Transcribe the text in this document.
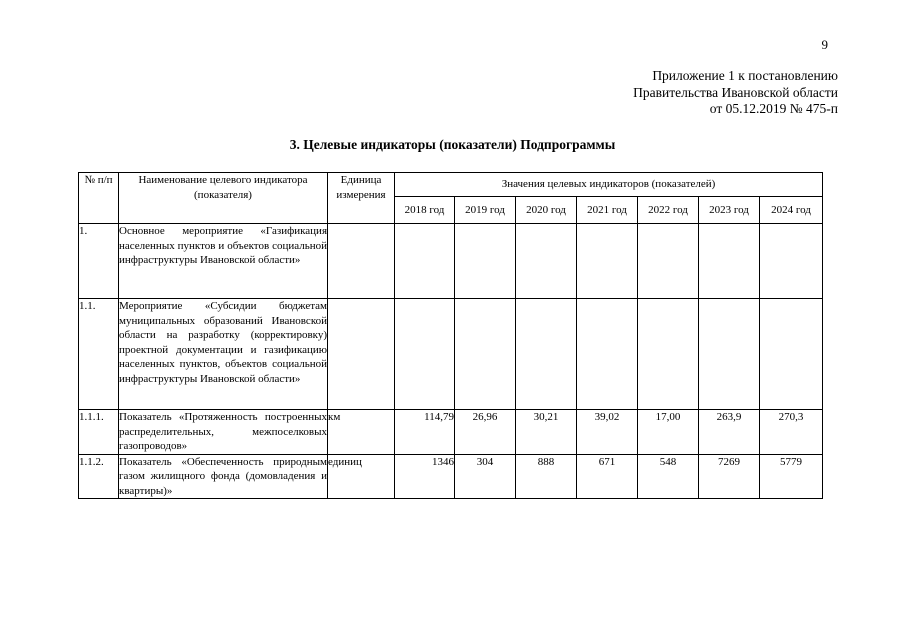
9
Приложение 1 к постановлению
Правительства Ивановской области
от 05.12.2019 № 475-п
3. Целевые индикаторы (показатели) Подпрограммы
№ п/п	Наименование целевого индикатора (показателя)	Единица измерения	Значения целевых индикаторов (показателей)						
			2018 год	2019 год	2020 год	2021 год	2022 год	2023 год	2024 год
1.	Основное мероприятие «Газификация населенных пунктов и объектов социальной инфраструктуры Ивановской области»								
1.1.	Мероприятие «Субсидии бюджетам муниципальных образований Ивановской области на разработку (корректировку) проектной документации и газификацию населенных пунктов, объектов социальной инфраструктуры Ивановской области»								
1.1.1.	Показатель «Протяженность построенных распределительных, межпоселковых газопроводов»	км	114,79	26,96	30,21	39,02	17,00	263,9	270,3
1.1.2.	Показатель «Обеспеченность природным газом жилищного фонда (домовладения и квартиры)»	единиц	1346	304	888	671	548	7269	5779
